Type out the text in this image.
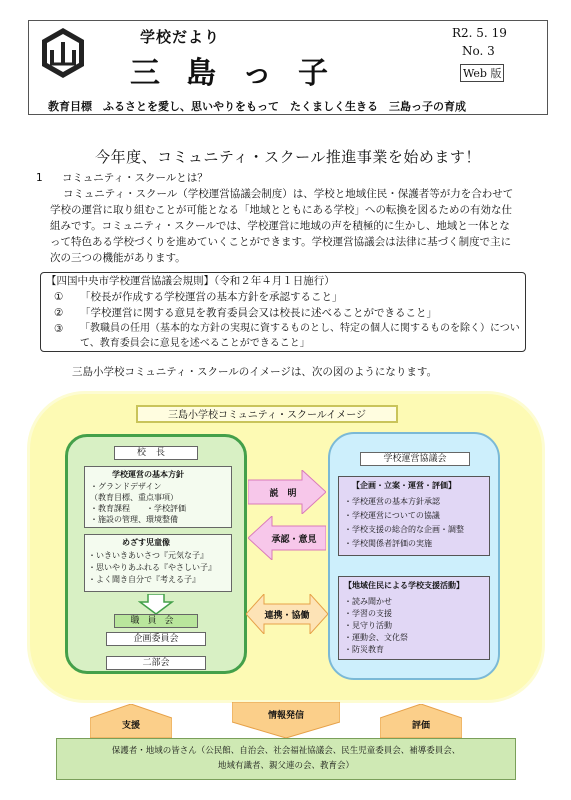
学校だより
三島っ子
R2. 5. 19
No. 3
Web 版
教育目標　ふるさとを愛し、思いやりをもって　たくましく生きる　三島っ子の育成
今年度、コミュニティ・スクール推進事業を始めます！
1 コミュニティ・スクールとは？
コミュニティ・スクール（学校運営協議会制度）は、学校と地域住民・保護者等が力を合わせて学校の運営に取り組むことが可能となる「地域とともにある学校」への転換を図るための有効な仕組みです。コミュニティ・スクールでは、学校運営に地域の声を積極的に生かし、地域と一体となって特色ある学校づくりを進めていくことができます。学校運営協議会は法律に基づく制度で主に次の三つの機能があります。
【四国中央市学校運営協議会規則】（令和２年４月１日施行）
① 「校長が作成する学校運営の基本方針を承認すること」
② 「学校運営に関する意見を教育委員会又は校長に述べることができること」
③ 「教職員の任用（基本的な方針の実現に資するものとし、特定の個人に関するものを除く）について、教育委員会に意見を述べることができること」
三島小学校コミュニティ・スクールのイメージは、次の図のようになります。
三島小学校コミュニティ・スクールイメージ
校長
学校運営の基本方針
・グランドデザイン
（教育目標、重点事項）
・教育課程　　・学校評価
・施設の管理、環境整備
めざす児童像
・いきいきあいさつ『元気な子』
・思いやりあふれる『やさしい子』
・よく聞き自分で『考える子』
職員会
企画委員会
二部会
学校運営協議会
【企画・立案・運営・評価】
・学校運営の基本方針承認
・学校運営についての協議
・学校支援の総合的な企画・調整
・学校関係者評価の実施
【地域住民による学校支援活動】
・読み聞かせ
・学習の支援
・見守り活動
・運動会、文化祭
・防災教育
説　明
承認・意見
連携・協働
支援
情報発信
評価
保護者・地域の皆さん（公民館、自治会、社会福祉協議会、民生児童委員会、補導委員会、
地域有識者、親父連の会、教育会）
